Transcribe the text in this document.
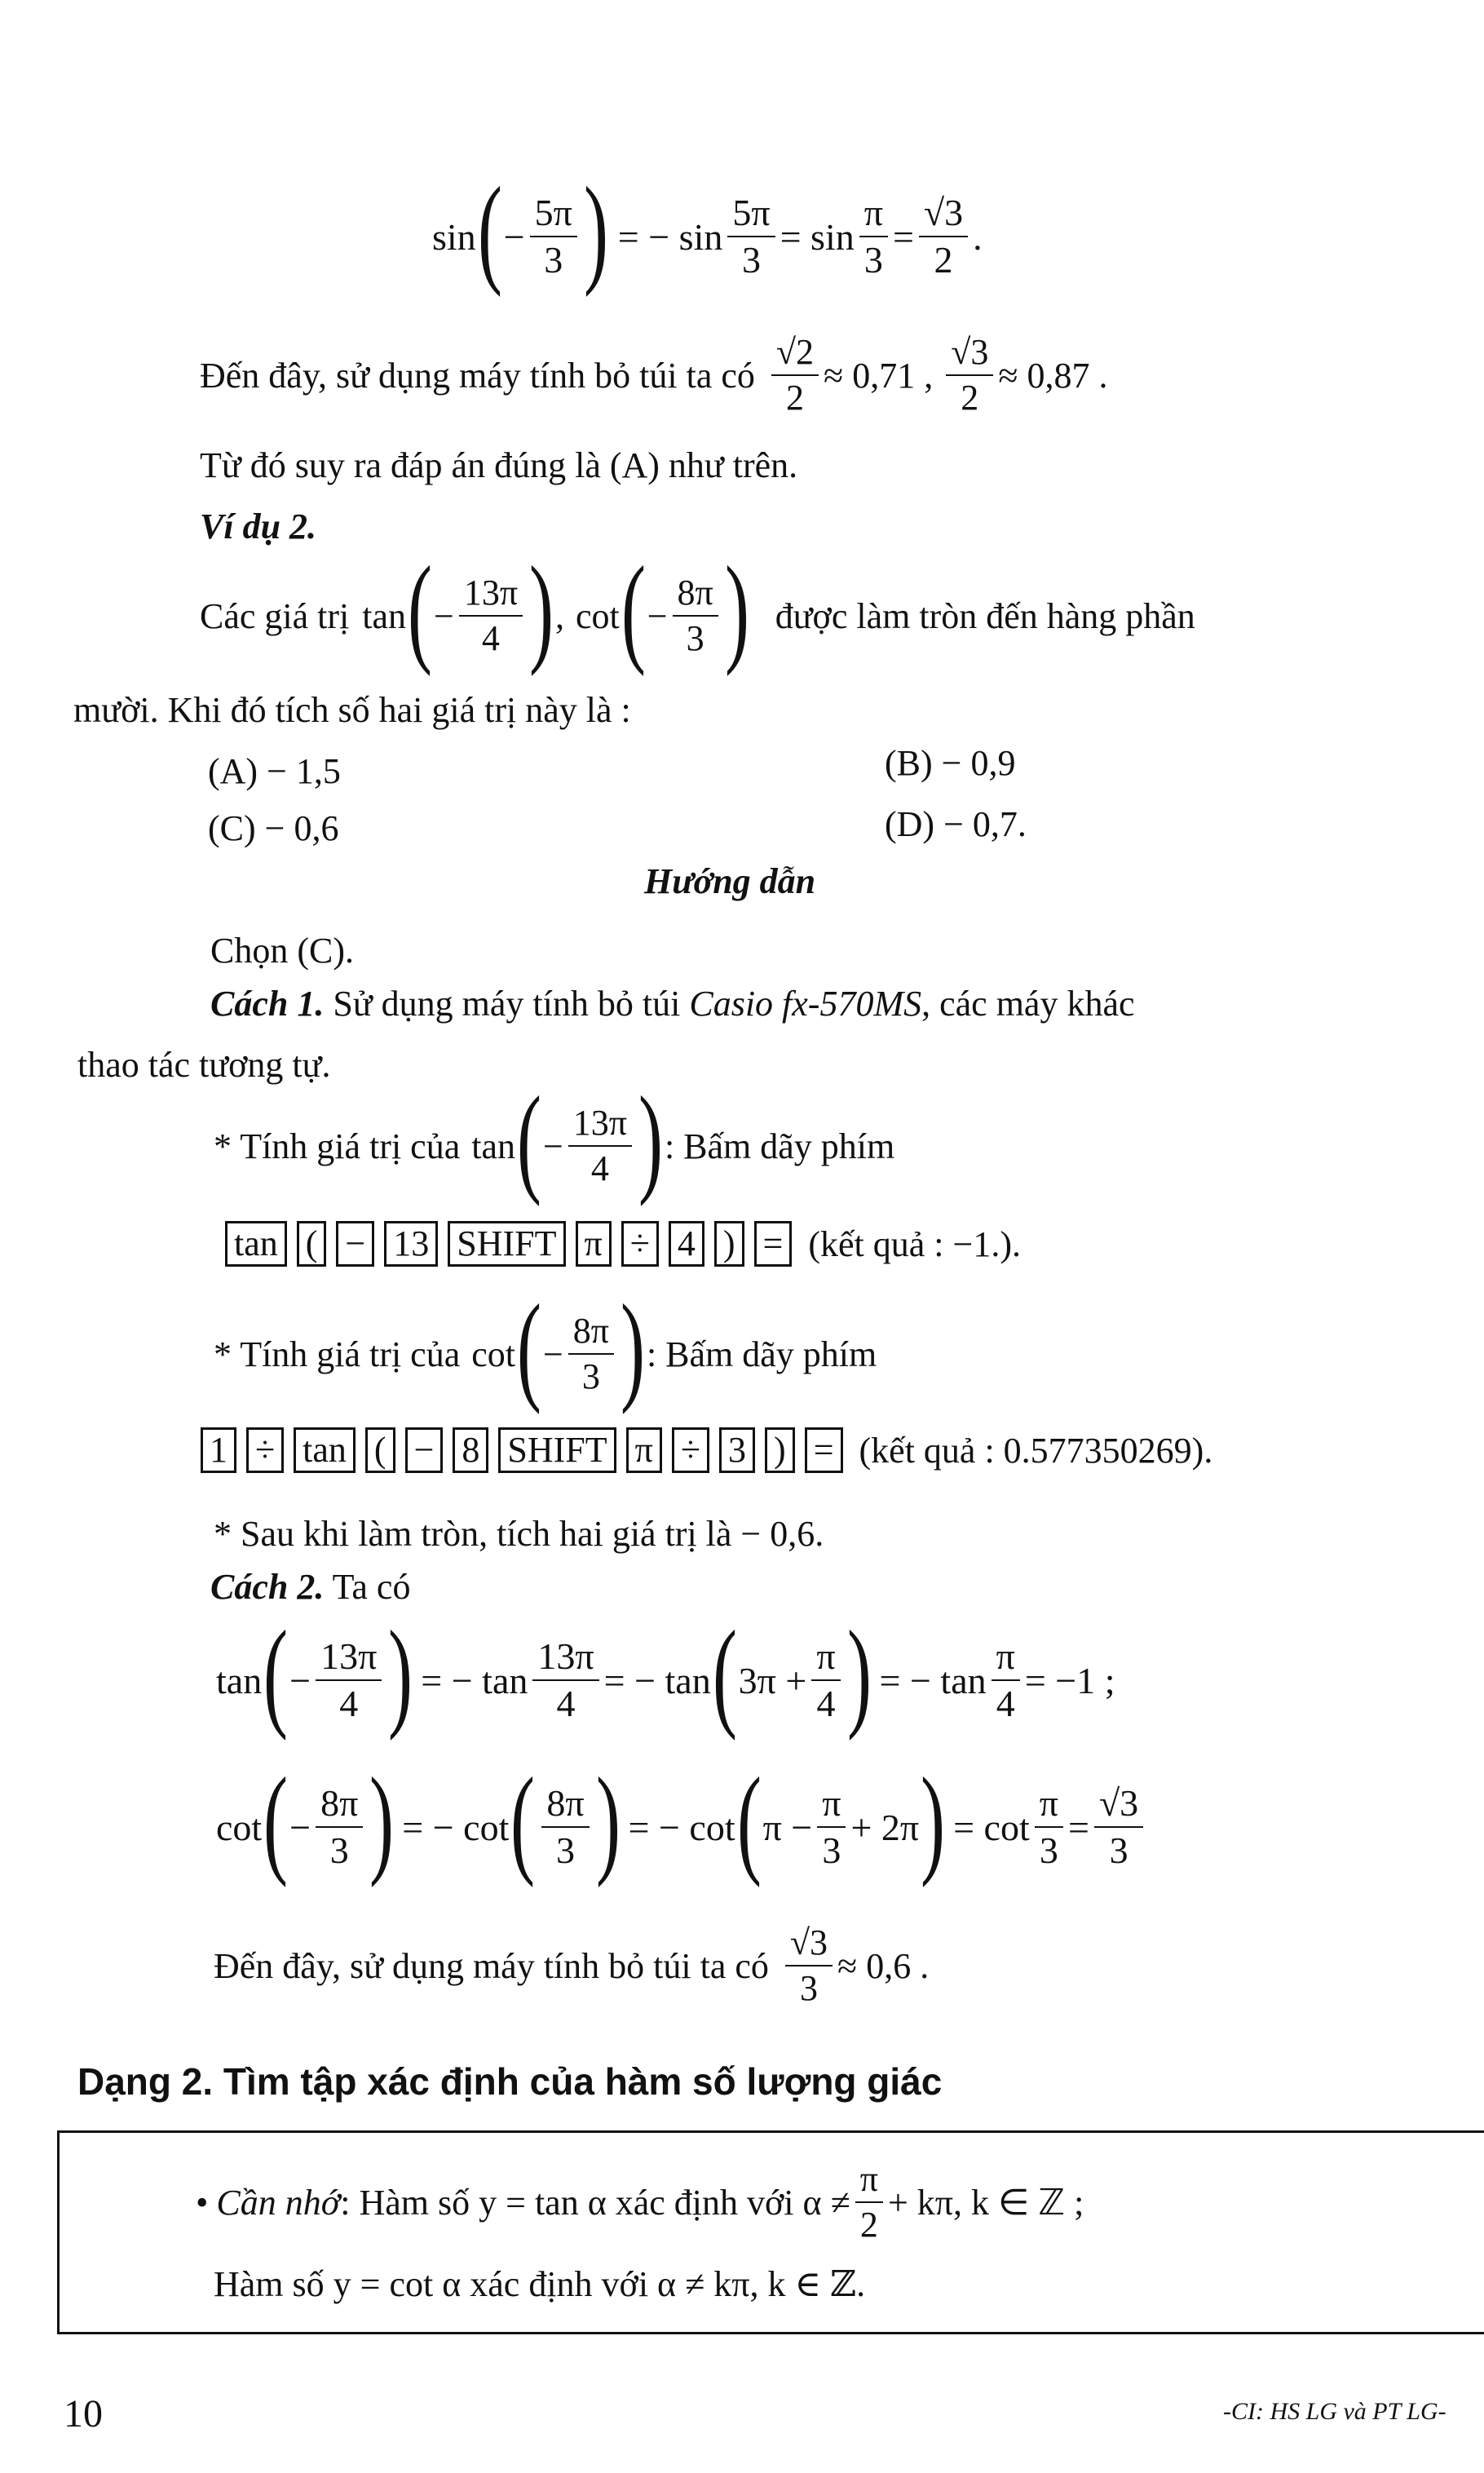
sin ( − $\frac{5\pi}{3}$ ) = − $\sin \frac{5\pi}{3} = \sin \frac{\pi}{3} = \frac{√3}{2}$ .
Đến đây, sử dụng máy tính bỏ túi ta có $\frac{√2}{2} \approx 0,71$ , $\frac{√3}{2} \approx 0,87$ .
Từ đó suy ra đáp án đúng là (A) như trên.
Ví dụ 2.
Các giá trị tan ( − $\frac{13\pi}{4}$ ) , cot ( − $\frac{8\pi}{3}$ ) được làm tròn đến hàng phần
mười. Khi đó tích số hai giá trị này là :
(A) − 1,5	(B) − 0,9
(C) − 0,6	(D) − 0,7.
Hướng dẫn
Chọn (C).
Cách 1. Sử dụng máy tính bỏ túi Casio fx-570MS, các máy khác
thao tác tương tự.
* Tính giá trị của tan ( − $\frac{13\pi}{4}$ ) : Bấm dãy phím
tan ( − 13 SHIFT π ÷ 4 ) = (kết quả : −1.).
* Tính giá trị của cot ( − $\frac{8\pi}{3}$ ) : Bấm dãy phím
1 ÷ tan ( − 8 SHIFT π ÷ 3 ) = (kết quả : 0.577350269).
* Sau khi làm tròn, tích hai giá trị là − 0,6.
Cách 2. Ta có
tan ( − $\frac{13\pi}{4}$ ) = − $\tan \frac{13\pi}{4}$ = − tan ( $3\pi + \frac{\pi}{4}$ ) = − $\tan \frac{\pi}{4} = -1$ ;
cot ( − $\frac{8\pi}{3}$ ) = − cot ( $\frac{8\pi}{3}$ ) = − cot ( $\pi - \frac{\pi}{3} + 2\pi$ ) = $\cot \frac{\pi}{3} = \frac{√3}{3}$
Đến đây, sử dụng máy tính bỏ túi ta có $\frac{√3}{3} \approx 0,6$ .
Dạng 2. Tìm tập xác định của hàm số lượng giác
• Cần nhớ : Hàm số y = tan α xác định với $\alpha \ne \frac{\pi}{2} + k\pi$, k ∈ ℤ ;
Hàm số y = cot α xác định với α ≠ kπ, k ∈ ℤ.
10	-CI: HS LG và PT LG-
